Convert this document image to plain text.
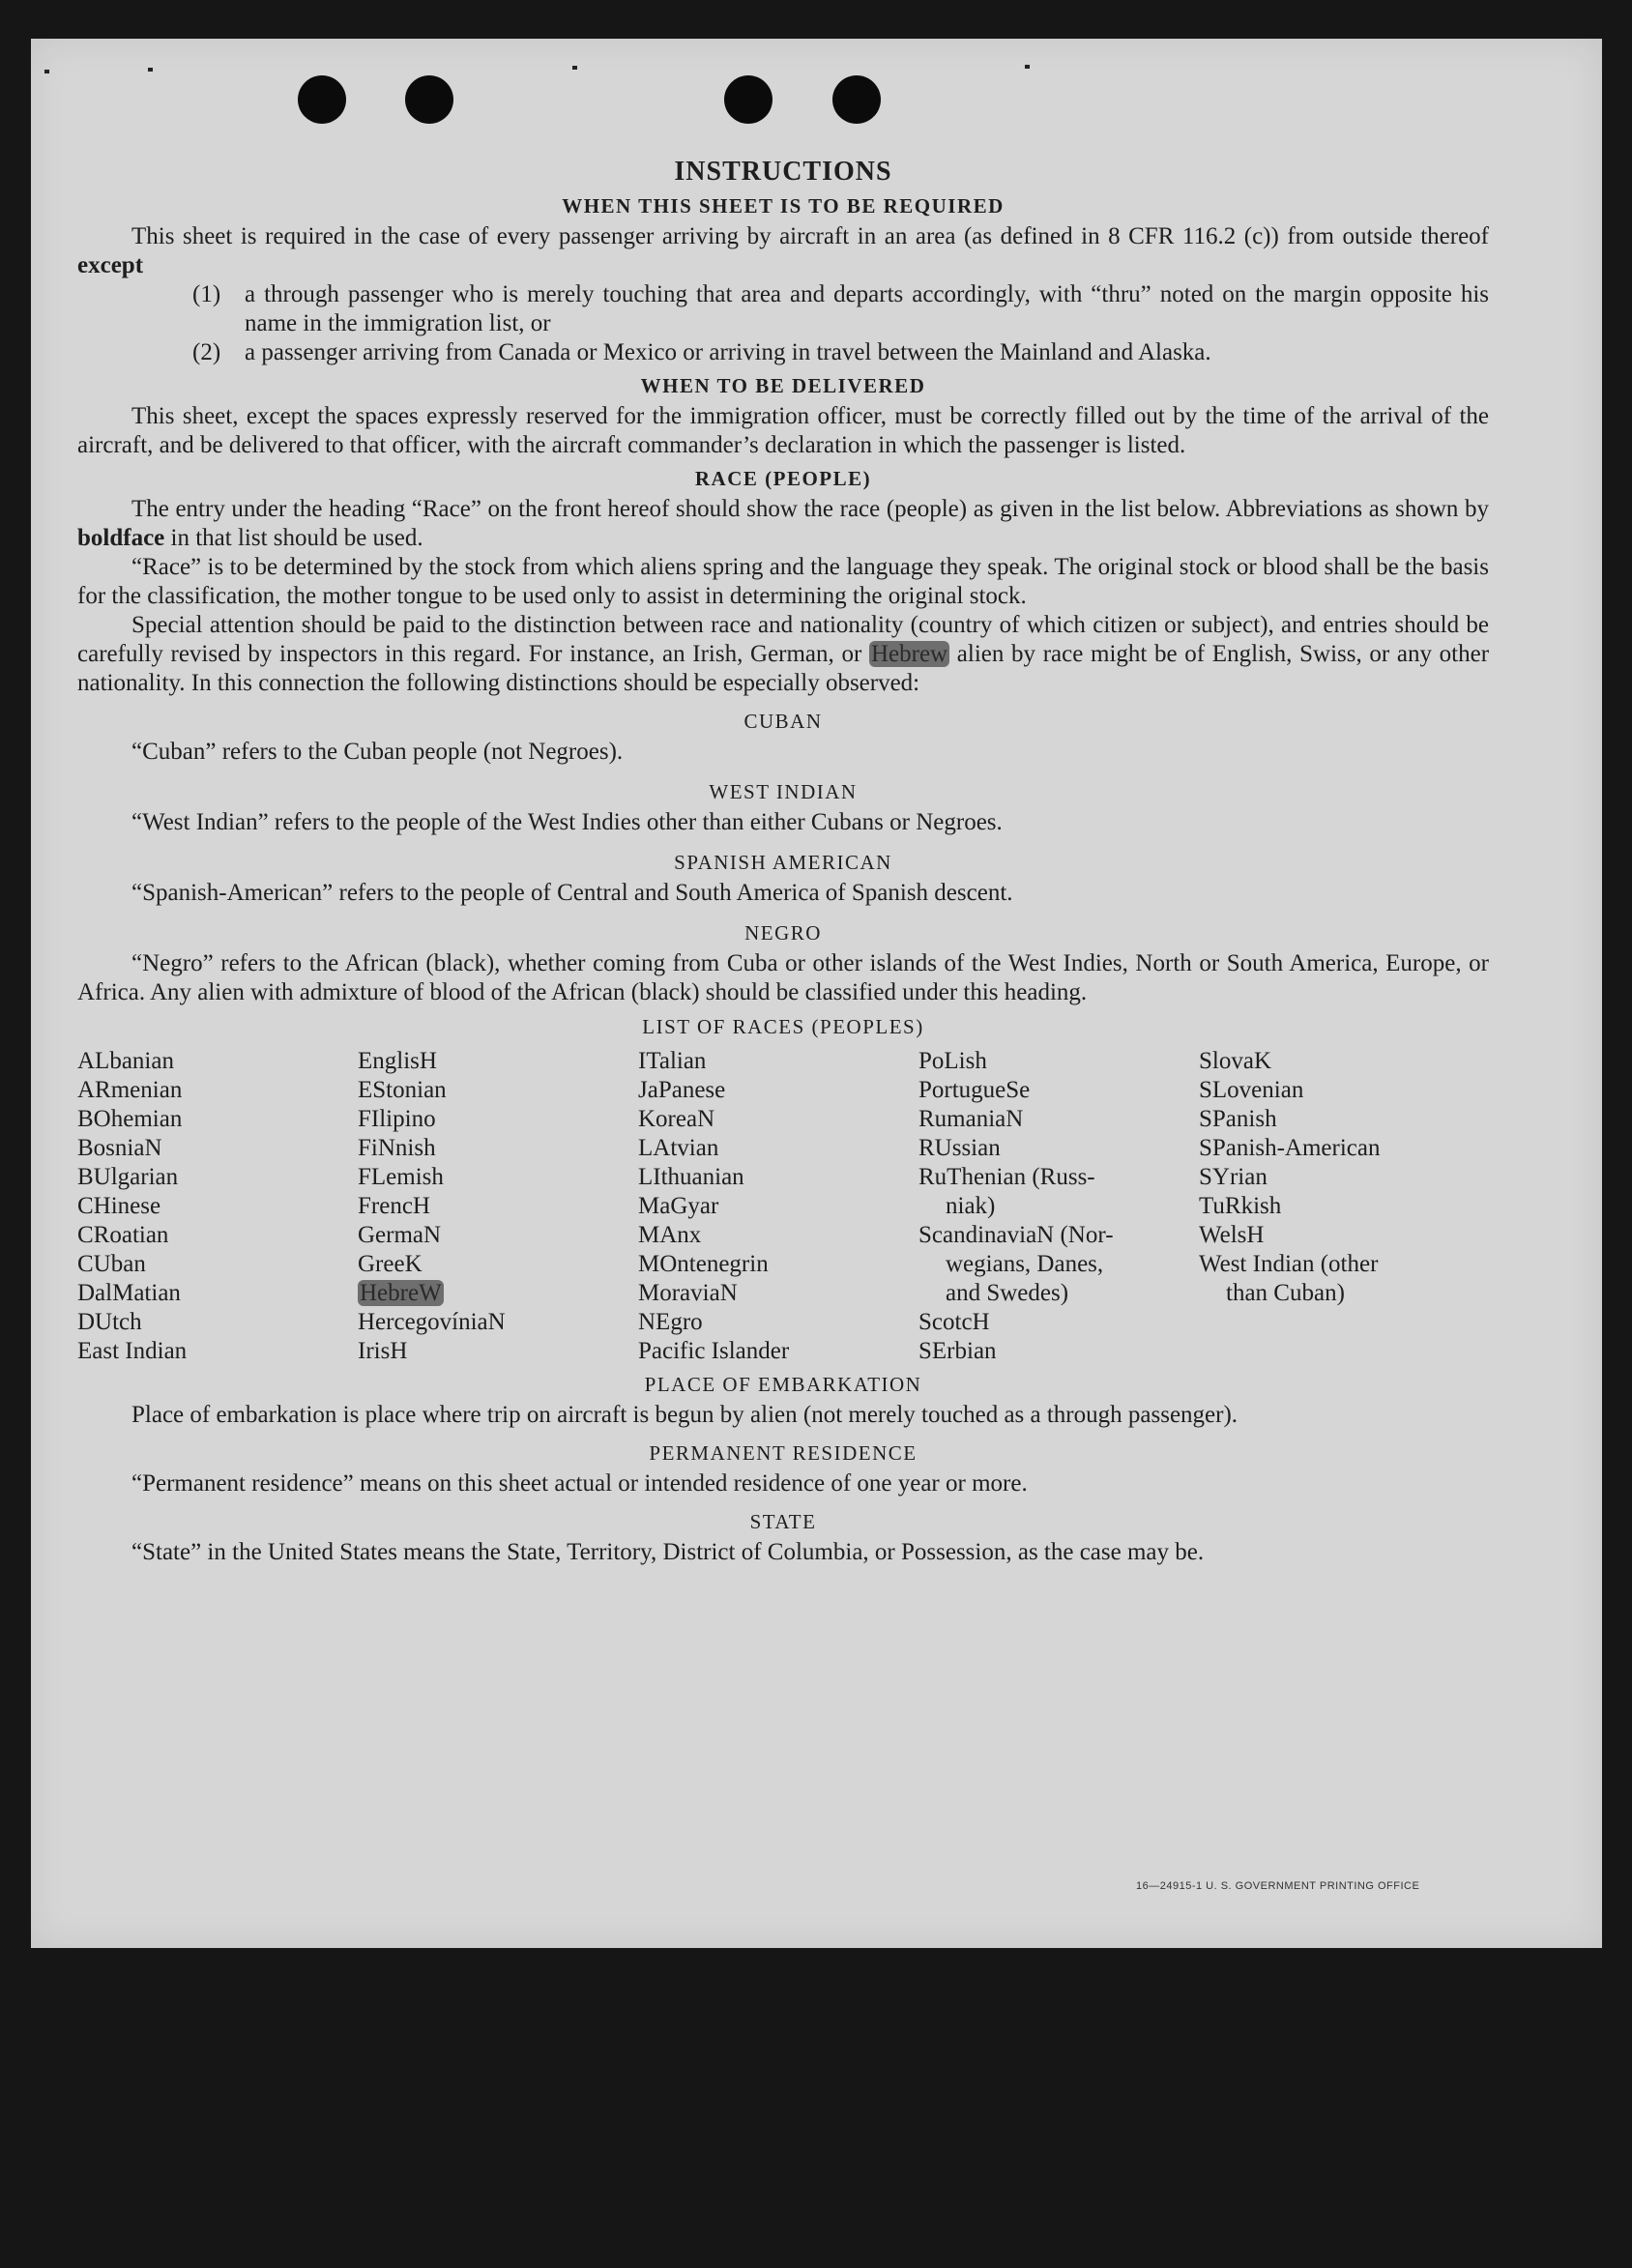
INSTRUCTIONS
WHEN THIS SHEET IS TO BE REQUIRED

This sheet is required in the case of every passenger arriving by aircraft in an area (as defined in 8 CFR 116.2 (c)) from outside thereof except

(1) a through passenger who is merely touching that area and departs accordingly, with “thru” noted on the margin opposite his name in the immigration list, or
(2) a passenger arriving from Canada or Mexico or arriving in travel between the Mainland and Alaska.
WHEN TO BE DELIVERED

This sheet, except the spaces expressly reserved for the immigration officer, must be correctly filled out by the time of the arrival of the aircraft, and be delivered to that officer, with the aircraft commander’s declaration in which the passenger is listed.

RACE (PEOPLE)

The entry under the heading “Race” on the front hereof should show the race (people) as given in the list below. Abbreviations as shown by boldface in that list should be used.

“Race” is to be determined by the stock from which aliens spring and the language they speak. The original stock or blood shall be the basis for the classification, the mother tongue to be used only to assist in determining the original stock.

Special attention should be paid to the distinction between race and nationality (country of which citizen or subject), and entries should be carefully revised by inspectors in this regard. For instance, an Irish, German, or Hebrew alien by race might be of English, Swiss, or any other nationality. In this connection the following distinctions should be especially observed:

CUBAN

“Cuban” refers to the Cuban people (not Negroes).

WEST INDIAN

“West Indian” refers to the people of the West Indies other than either Cubans or Negroes.

SPANISH AMERICAN

“Spanish-American” refers to the people of Central and South America of Spanish descent.

NEGRO

“Negro” refers to the African (black), whether coming from Cuba or other islands of the West Indies, North or South America, Europe, or Africa. Any alien with admixture of blood of the African (black) should be classified under this heading.

LIST OF RACES (PEOPLES)
ALbanian
ARmenian
BOhemian
BosniaN
BUlgarian
CHinese
CRoatian
CUban
DalMatian
DUtch
East Indian
EnglisH
EStonian
FIlipino
FiNnish
FLemish
FrencH
GermaN
GreeK
HebreW
HercegovíniaN
IrisH
ITalian
JaPanese
KoreaN
LAtvian
LIthuanian
MaGyar
MAnx
MOntenegrin
MoraviaN
NEgro
Pacific Islander
PoLish
PortugueSe
RumaniaN
RUssian
RuThenian (Russ-
niak)
ScandinaviaN (Nor-
wegians, Danes,
and Swedes)
ScotcH
SErbian
SlovaK
SLovenian
SPanish
SPanish-American
SYrian
TuRkish
WelsH
West Indian (other
than Cuban)
PLACE OF EMBARKATION

Place of embarkation is place where trip on aircraft is begun by alien (not merely touched as a through passenger).

PERMANENT RESIDENCE

“Permanent residence” means on this sheet actual or intended residence of one year or more.

STATE

“State” in the United States means the State, Territory, District of Columbia, or Possession, as the case may be.

16—24915-1 U. S. GOVERNMENT PRINTING OFFICE
